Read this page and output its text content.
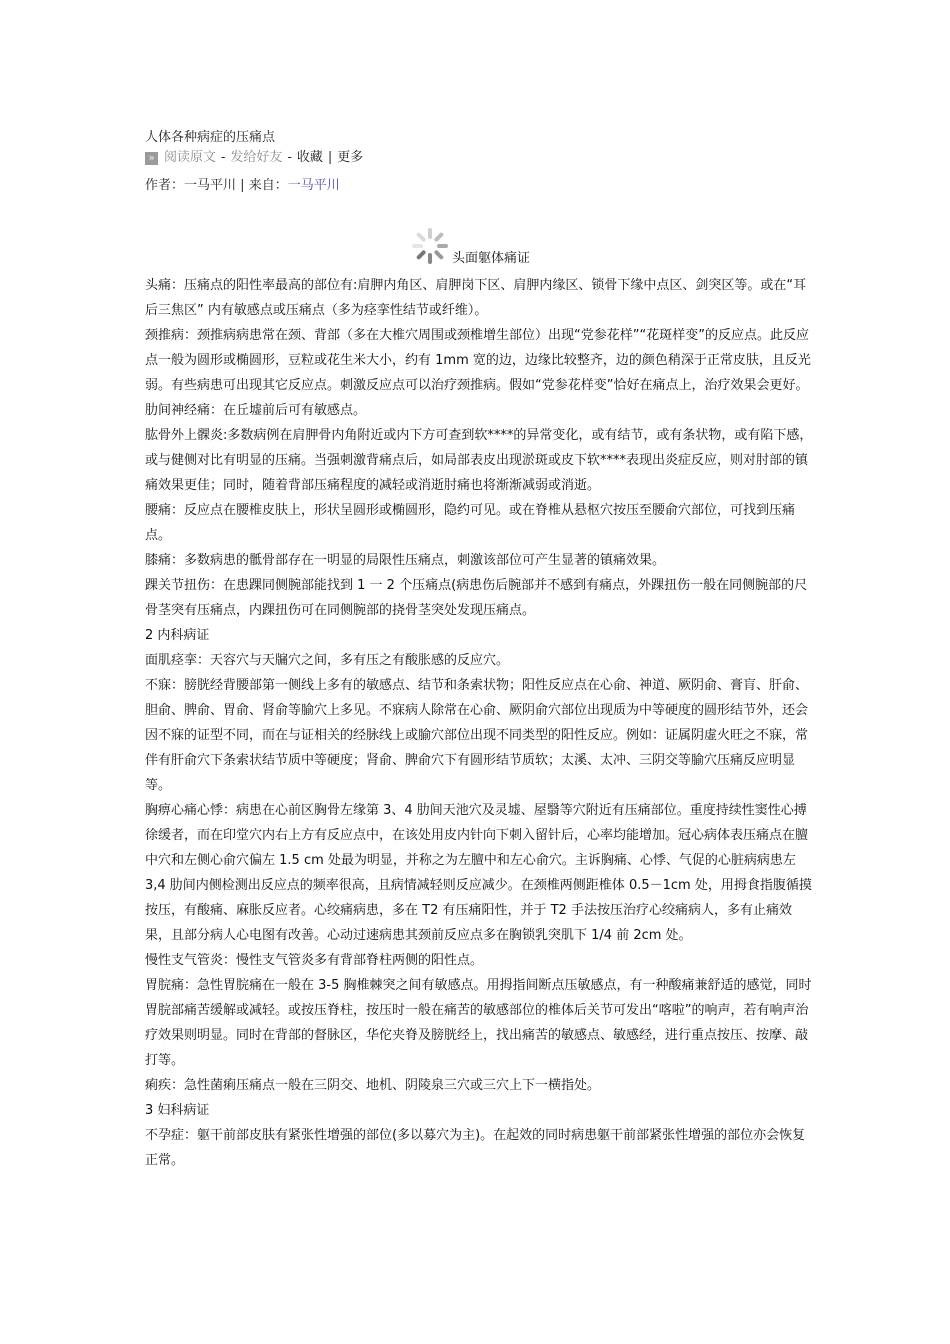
人体各种病症的压痛点
» 阅读原文 - 发给好友 - 收藏 | 更多
作者：一马平川 | 来自：一马平川
头面躯体痛证

头痛：压痛点的阳性率最高的部位有:肩胛内角区、肩胛岗下区、肩胛内缘区、锁骨下缘中点区、剑突区等。或在“耳后三焦区” 内有敏感点或压痛点（多为痉挛性结节或纤维）。

颈推病：颈推病病患常在颈、背部（多在大椎穴周围或颈椎增生部位）出现“党参花样”“花斑样变”的反应点。此反应点一般为圆形或椭圆形，豆粒或花生米大小，约有 1mm 宽的边，边缘比较整齐，边的颜色稍深于正常皮肤，且反光弱。有些病患可出现其它反应点。刺激反应点可以治疗颈推病。假如“党参花样变”恰好在痛点上，治疗效果会更好。

肋间神经痛：在丘墟前后可有敏感点。

肱骨外上髁炎:多数病例在肩胛骨内角附近或内下方可查到软****的异常变化，或有结节，或有条状物，或有陷下感，或与健侧对比有明显的压痛。当强刺激背痛点后，如局部表皮出现淤斑或皮下软****表现出炎症反应，则对肘部的镇痛效果更佳；同时，随着背部压痛程度的减轻或消逝肘痛也将渐渐减弱或消逝。

腰痛：反应点在腰椎皮肤上，形状呈圆形或椭圆形，隐约可见。或在脊椎从悬枢穴按压至腰俞穴部位，可找到压痛点。

膝痛：多数病患的骶骨部存在一明显的局限性压痛点，刺激该部位可产生显著的镇痛效果。

踝关节扭伤：在患踝同侧腕部能找到 1 一 2 个压痛点(病患伤后腕部并不感到有痛点，外踝扭伤一般在同侧腕部的尺骨茎突有压痛点，内踝扭伤可在同侧腕部的挠骨茎突处发现压痛点。

2 内科病证

面肌痉挛：天容穴与天牖穴之间，多有压之有酸胀感的反应穴。

不寐：膀胱经背腰部第一侧线上多有的敏感点、结节和条索状物；阳性反应点在心俞、神道、厥阴俞、膏肓、肝俞、胆俞、脾俞、胃俞、肾俞等腧穴上多见。不寐病人除常在心俞、厥阴俞穴部位出现质为中等硬度的圆形结节外，还会因不寐的证型不同，而在与证相关的经脉线上或腧穴部位出现不同类型的阳性反应。例如：证属阴虚火旺之不寐，常伴有肝俞穴下条索状结节质中等硬度；肾俞、脾俞穴下有圆形结节质软；太溪、太冲、三阴交等腧穴压痛反应明显等。

胸痹心痛心悸：病患在心前区胸骨左缘第 3、4 肋间天池穴及灵墟、屋翳等穴附近有压痛部位。重度持续性窦性心搏徐缓者，而在印堂穴内右上方有反应点中，在该处用皮内针向下刺入留针后，心率均能增加。冠心病体表压痛点在膻中穴和左侧心俞穴偏左 1.5 cm 处最为明显，并称之为左膻中和左心俞穴。主诉胸痛、心悸、气促的心脏病病患左 3,4 肋间内侧检测出反应点的频率很高，且病情减轻则反应减少。在颈椎两侧距椎体 0.5－1cm 处，用拇食指腹循摸按压，有酸痛、麻胀反应者。心绞痛病患，多在 T2 有压痛阳性，并于 T2 手法按压治疗心绞痛病人，多有止痛效果，且部分病人心电图有改善。心动过速病患其颈前反应点多在胸锁乳突肌下 1/4 前 2cm 处。

慢性支气管炎：慢性支气管炎多有背部脊柱两侧的阳性点。

胃脘痛：急性胃脘痛在一般在 3-5 胸椎棘突之间有敏感点。用拇指间断点压敏感点，有一种酸痛兼舒适的感觉，同时胃脘部痛苦缓解或减轻。或按压脊柱，按压时一般在痛苦的敏感部位的椎体后关节可发出“喀啦”的响声，若有响声治疗效果则明显。同时在背部的督脉区，华佗夹脊及膀胱经上，找出痛苦的敏感点、敏感经，进行重点按压、按摩、敲打等。

痢疾：急性菌痢压痛点一般在三阴交、地机、阴陵泉三穴或三穴上下一横指处。

3 妇科病证

不孕症：躯干前部皮肤有紧张性增强的部位(多以募穴为主)。在起效的同时病患躯干前部紧张性增强的部位亦会恢复正常。
